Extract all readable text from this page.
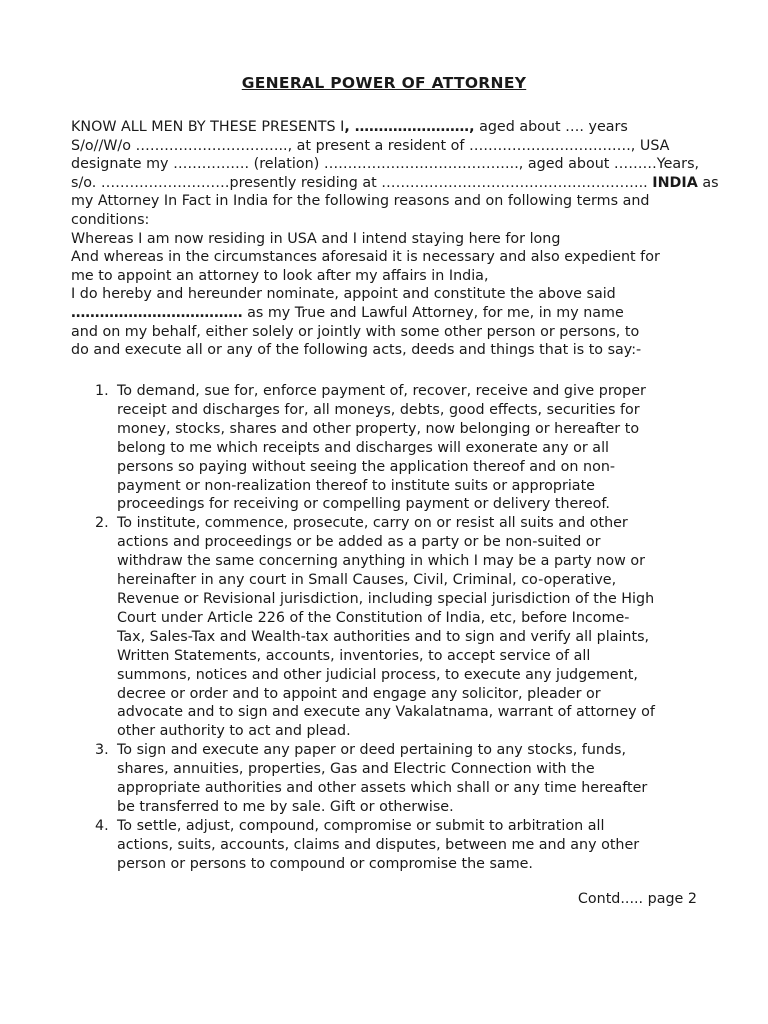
GENERAL POWER OF ATTORNEY
KNOW ALL MEN BY THESE PRESENTS I, ……………………, aged about …. years
S/o//W/o ………………………….., at present a resident of ……………………………., USA
designate my ……………. (relation) ………………………………….., aged about ………Years,
s/o. ………………………presently residing at ……………………………………………….. INDIA as
my Attorney In Fact in India for the following reasons and on following terms and
conditions:
Whereas I am now residing in USA and I intend staying here for long
And whereas in the circumstances aforesaid it is necessary and also expedient for
me to appoint an attorney to look after my affairs in India,
I do hereby and hereunder nominate, appoint and constitute the above said
……………………………… as my True and Lawful Attorney, for me, in my name
and on my behalf, either solely or jointly with some other person or persons, to
do and execute all or any of the following acts, deeds and things that is to say:-
1. To demand, sue for, enforce payment of, recover, receive and give proper
receipt and discharges for, all moneys, debts, good effects, securities for
money, stocks, shares and other property, now belonging or hereafter to
belong to me which receipts and discharges will exonerate any or all
persons so paying without seeing the application thereof and on non-
payment or non-realization thereof to institute suits or appropriate
proceedings for receiving or compelling payment or delivery thereof.
2. To institute, commence, prosecute, carry on or resist all suits and other
actions and proceedings or be added as a party or be non-suited or
withdraw the same concerning anything in which I may be a party now or
hereinafter in any court in Small Causes, Civil, Criminal, co-operative,
Revenue or Revisional jurisdiction, including special jurisdiction of the High
Court under Article 226 of the Constitution of India, etc, before Income-
Tax, Sales-Tax and Wealth-tax authorities and to sign and verify all plaints,
Written Statements, accounts, inventories, to accept service of all
summons, notices and other judicial process, to execute any judgement,
decree or order and to appoint and engage any solicitor, pleader or
advocate and to sign and execute any Vakalatnama, warrant of attorney of
other authority to act and plead.
3. To sign and execute any paper or deed pertaining to any stocks, funds,
shares, annuities, properties, Gas and Electric Connection with the
appropriate authorities and other assets which shall or any time hereafter
be transferred to me by sale. Gift or otherwise.
4. To settle, adjust, compound, compromise or submit to arbitration all
actions, suits, accounts, claims and disputes, between me and any other
person or persons to compound or compromise the same.
Contd..... page 2
